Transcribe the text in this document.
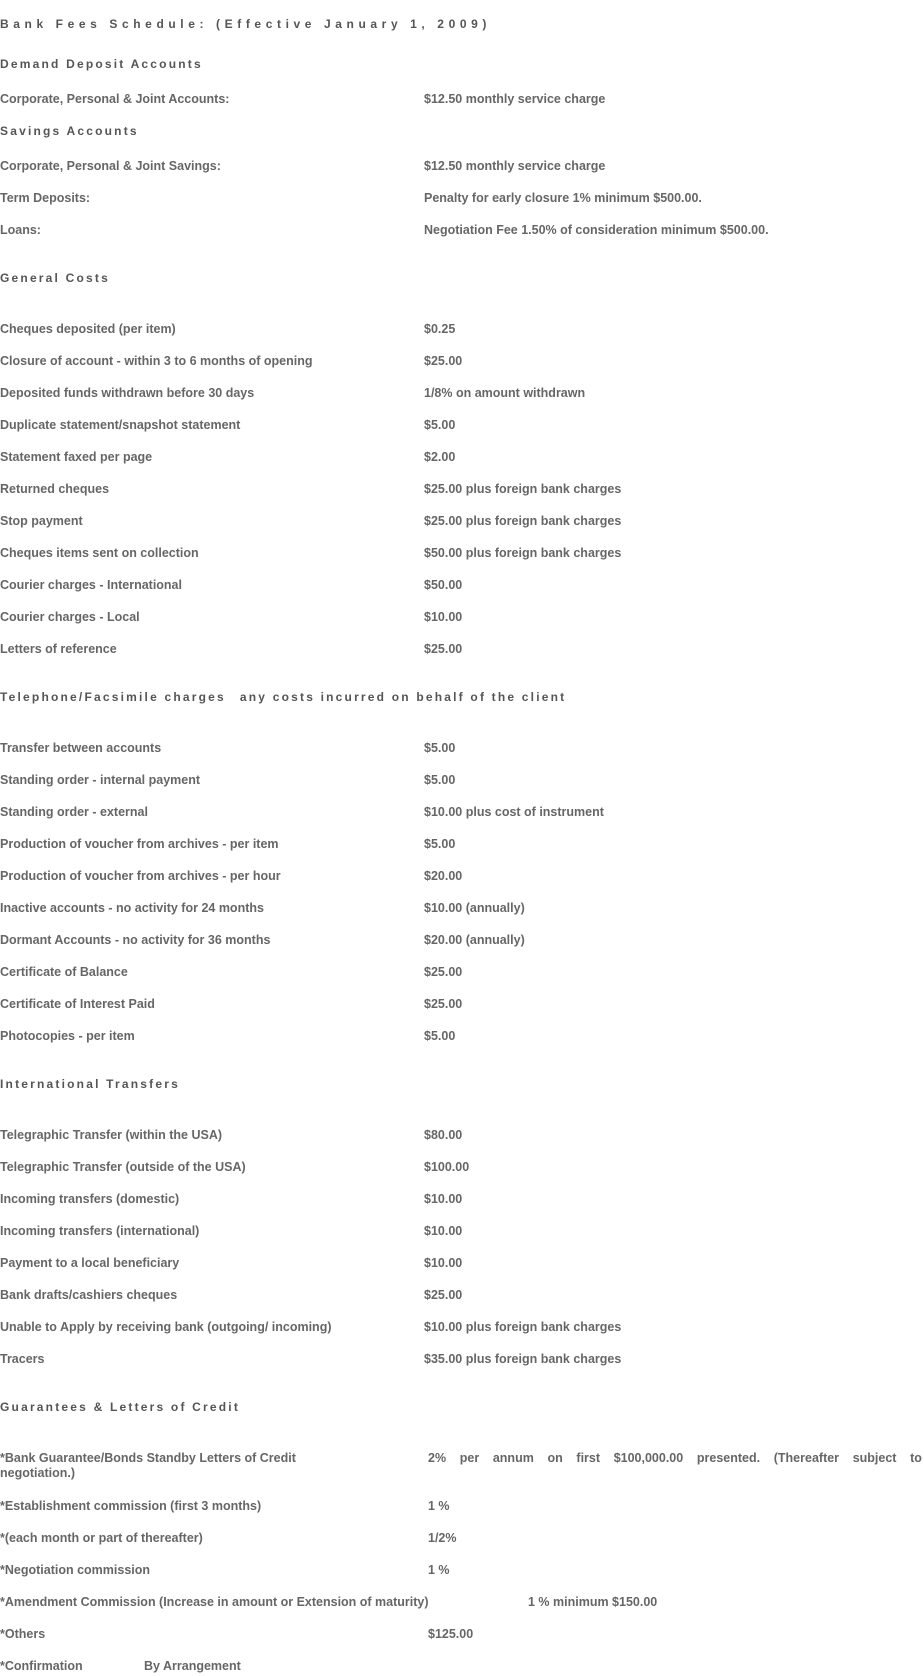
Bank Fees Schedule: (Effective January 1, 2009)
Demand Deposit Accounts
Corporate, Personal & Joint Accounts:	$12.50 monthly service charge
Savings Accounts
Corporate, Personal & Joint Savings:	$12.50 monthly service charge
Term Deposits:	Penalty for early closure 1% minimum $500.00.
Loans:	Negotiation Fee 1.50% of consideration minimum $500.00.
General Costs
Cheques deposited (per item)	$0.25
Closure of account - within 3 to 6 months of opening	$25.00
Deposited funds withdrawn before 30 days	1/8% on amount withdrawn
Duplicate statement/snapshot statement	$5.00
Statement faxed per page	$2.00
Returned cheques	$25.00 plus foreign bank charges
Stop payment	$25.00 plus foreign bank charges
Cheques items sent on collection	$50.00 plus foreign bank charges
Courier charges - International	$50.00
Courier charges - Local	$10.00
Letters of reference	$25.00
Telephone/Facsimile charges any costs incurred on behalf of the client
Transfer between accounts	$5.00
Standing order - internal payment	$5.00
Standing order - external	$10.00 plus cost of instrument
Production of voucher from archives - per item	$5.00
Production of voucher from archives - per hour	$20.00
Inactive accounts - no activity for 24 months	$10.00 (annually)
Dormant Accounts - no activity for 36 months	$20.00 (annually)
Certificate of Balance	$25.00
Certificate of Interest Paid	$25.00
Photocopies - per item	$5.00
International Transfers
Telegraphic Transfer (within the USA)	$80.00
Telegraphic Transfer (outside of the USA)	$100.00
Incoming transfers (domestic)	$10.00
Incoming transfers (international)	$10.00
Payment to a local beneficiary	$10.00
Bank drafts/cashiers cheques	$25.00
Unable to Apply by receiving bank (outgoing/ incoming)	$10.00 plus foreign bank charges
Tracers	$35.00 plus foreign bank charges
Guarantees & Letters of Credit
*Bank Guarantee/Bonds Standby Letters of Credit	2% per annum on first $100,000.00 presented. (Thereafter subject to
negotiation.)
*Establishment commission (first 3 months)	1 %
*(each month or part of thereafter)	1/2%
*Negotiation commission	1 %
*Amendment Commission (Increase in amount or Extension of maturity)	1 % minimum $150.00
*Others	$125.00
*Confirmation	By Arrangement
